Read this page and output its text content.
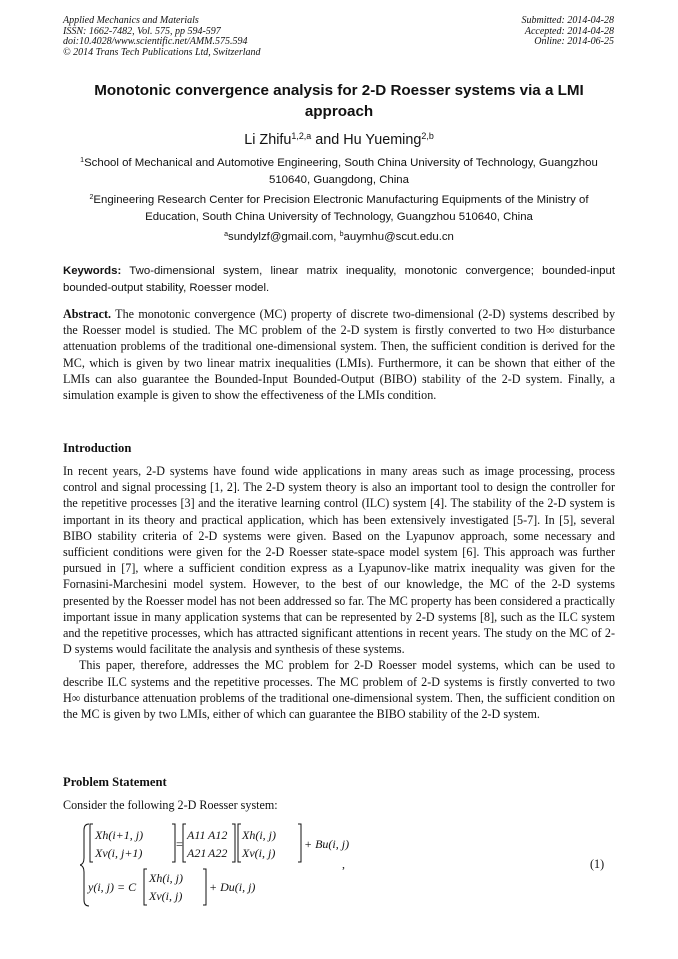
Applied Mechanics and Materials
ISSN: 1662-7482, Vol. 575, pp 594-597
doi:10.4028/www.scientific.net/AMM.575.594
© 2014 Trans Tech Publications Ltd, Switzerland
Submitted: 2014-04-28
Accepted: 2014-04-28
Online: 2014-06-25
Monotonic convergence analysis for 2-D Roesser systems via a LMI approach
Li Zhifu$^{1,2,a}$ and Hu Yueming$^{2,b}$
$^1$School of Mechanical and Automotive Engineering, South China University of Technology, Guangzhou 510640, Guangdong, China
$^2$Engineering Research Center for Precision Electronic Manufacturing Equipments of the Ministry of Education, South China University of Technology, Guangzhou 510640, China
$^a$sundylzf@gmail.com, $^b$auymhu@scut.edu.cn
Keywords: Two-dimensional system, linear matrix inequality, monotonic convergence; bounded-input bounded-output stability, Roesser model.

Abstract. The monotonic convergence (MC) property of discrete two-dimensional (2-D) systems described by the Roesser model is studied. The MC problem of the 2-D system is firstly converted to two H∞ disturbance attenuation problems of the traditional one-dimensional system. Then, the sufficient condition is derived for the MC, which is given by two linear matrix inequalities (LMIs). Furthermore, it can be shown that either of the LMIs can also guarantee the Bounded-Input Bounded-Output (BIBO) stability of the 2-D system. Finally, a simulation example is given to show the effectiveness of the LMIs condition.

Introduction

In recent years, 2-D systems have found wide applications in many areas such as image processing, process control and signal processing [1, 2]. The 2-D system theory is also an important tool to design the controller for the repetitive processes [3] and the iterative learning control (ILC) system [4]. The stability of the 2-D system is important in its theory and practical application, which has been extensively investigated [5-7]. In [5], several BIBO stability criteria of 2-D systems were given. Based on the Lyapunov approach, some necessary and sufficient conditions were given for the 2-D Roesser state-space model system [6]. This approach was further pursued in [7], where a sufficient condition express as a Lyapunov-like matrix inequality was given for the Fornasini-Marchesini model system. However, to the best of our knowledge, the MC of the 2-D systems presented by the Roesser model has not been addressed so far. The MC property has been considered a practically important issue in many application systems that can be represented by 2-D systems [8], such as the ILC system and the repetitive processes, which has attracted significant attentions in recent years. The study on the MC of 2-D systems would facilitate the analysis and synthesis of these systems.

This paper, therefore, addresses the MC problem for 2-D Roesser model systems, which can be used to describe ILC systems and the repetitive processes. The MC problem of 2-D systems is firstly converted to two H∞ disturbance attenuation problems of the traditional one-dimensional system. Then, the sufficient condition on the MC is given by two LMIs, either of which can guarantee the BIBO stability of the 2-D system.

Problem Statement
Consider the following 2-D Roesser system:
Xh(i+1, j)
Xv(i, j+1)
=
A11 A12
A21 A22
Xh(i, j)
Xv(i, j)
+ Bu(i, j)
y(i, j) = C
Xh(i, j)
Xv(i, j)
+ Du(i, j)
,	(1)
